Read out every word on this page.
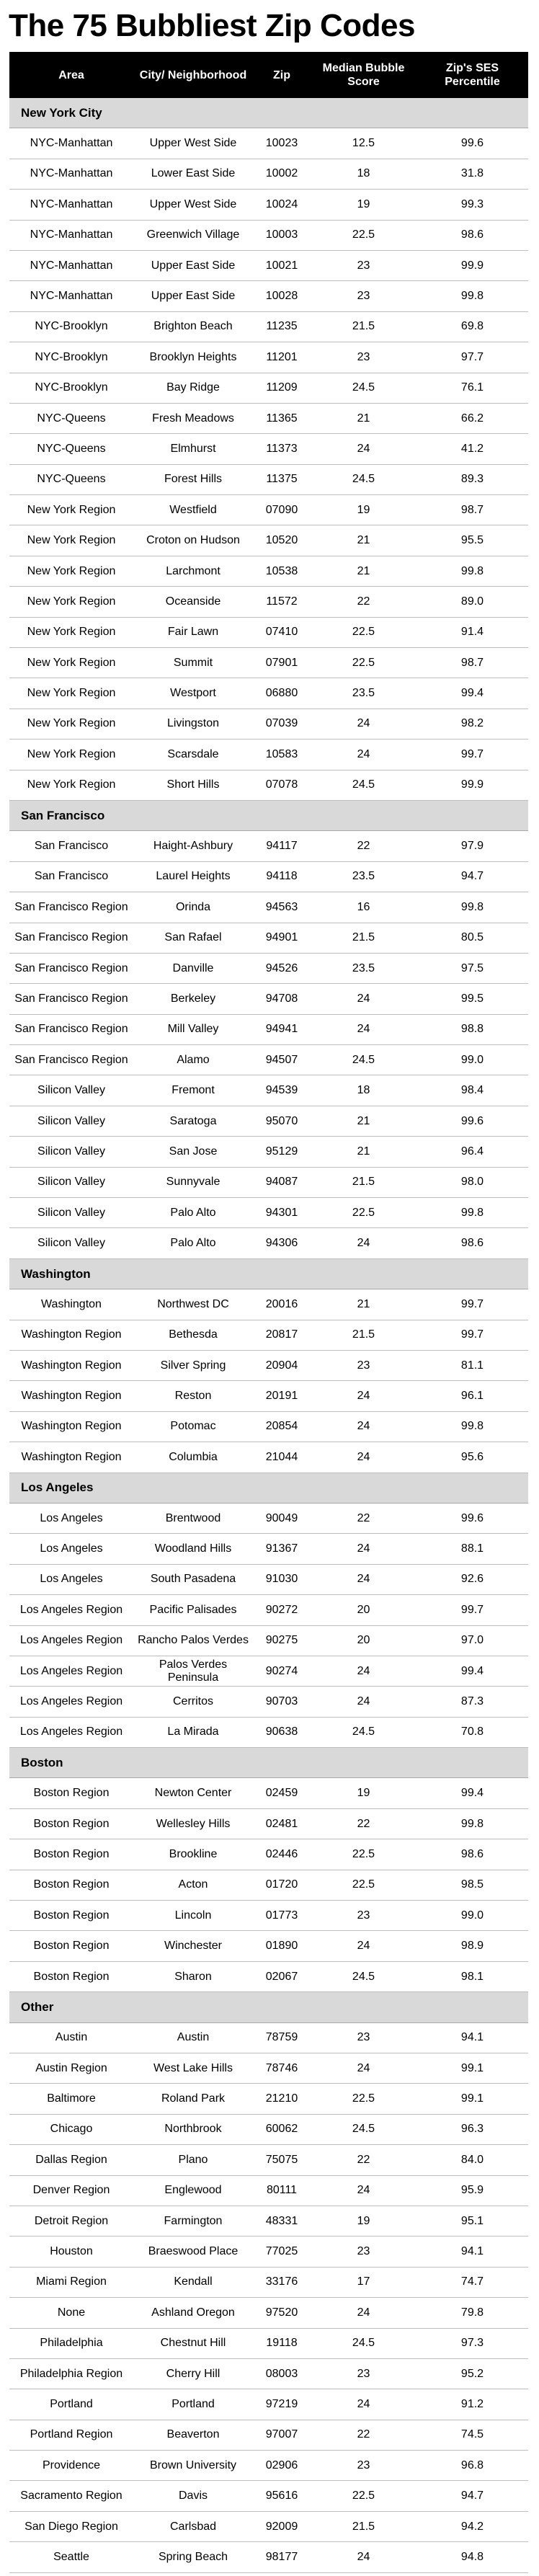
The 75 Bubbliest Zip Codes
Area	City/ Neighborhood	Zip	Median Bubble Score	Zip's SES Percentile
New York City				
NYC-Manhattan	Upper West Side	10023	12.5	99.6
NYC-Manhattan	Lower East Side	10002	18	31.8
NYC-Manhattan	Upper West Side	10024	19	99.3
NYC-Manhattan	Greenwich Village	10003	22.5	98.6
NYC-Manhattan	Upper East Side	10021	23	99.9
NYC-Manhattan	Upper East Side	10028	23	99.8
NYC-Brooklyn	Brighton Beach	11235	21.5	69.8
NYC-Brooklyn	Brooklyn Heights	11201	23	97.7
NYC-Brooklyn	Bay Ridge	11209	24.5	76.1
NYC-Queens	Fresh Meadows	11365	21	66.2
NYC-Queens	Elmhurst	11373	24	41.2
NYC-Queens	Forest Hills	11375	24.5	89.3
New York Region	Westfield	07090	19	98.7
New York Region	Croton on Hudson	10520	21	95.5
New York Region	Larchmont	10538	21	99.8
New York Region	Oceanside	11572	22	89.0
New York Region	Fair Lawn	07410	22.5	91.4
New York Region	Summit	07901	22.5	98.7
New York Region	Westport	06880	23.5	99.4
New York Region	Livingston	07039	24	98.2
New York Region	Scarsdale	10583	24	99.7
New York Region	Short Hills	07078	24.5	99.9
San Francisco				
San Francisco	Haight-Ashbury	94117	22	97.9
San Francisco	Laurel Heights	94118	23.5	94.7
San Francisco Region	Orinda	94563	16	99.8
San Francisco Region	San Rafael	94901	21.5	80.5
San Francisco Region	Danville	94526	23.5	97.5
San Francisco Region	Berkeley	94708	24	99.5
San Francisco Region	Mill Valley	94941	24	98.8
San Francisco Region	Alamo	94507	24.5	99.0
Silicon Valley	Fremont	94539	18	98.4
Silicon Valley	Saratoga	95070	21	99.6
Silicon Valley	San Jose	95129	21	96.4
Silicon Valley	Sunnyvale	94087	21.5	98.0
Silicon Valley	Palo Alto	94301	22.5	99.8
Silicon Valley	Palo Alto	94306	24	98.6
Washington				
Washington	Northwest DC	20016	21	99.7
Washington Region	Bethesda	20817	21.5	99.7
Washington Region	Silver Spring	20904	23	81.1
Washington Region	Reston	20191	24	96.1
Washington Region	Potomac	20854	24	99.8
Washington Region	Columbia	21044	24	95.6
Los Angeles				
Los Angeles	Brentwood	90049	22	99.6
Los Angeles	Woodland Hills	91367	24	88.1
Los Angeles	South Pasadena	91030	24	92.6
Los Angeles Region	Pacific Palisades	90272	20	99.7
Los Angeles Region	Rancho Palos Verdes	90275	20	97.0
Los Angeles Region	Palos Verdes Peninsula	90274	24	99.4
Los Angeles Region	Cerritos	90703	24	87.3
Los Angeles Region	La Mirada	90638	24.5	70.8
Boston				
Boston Region	Newton Center	02459	19	99.4
Boston Region	Wellesley Hills	02481	22	99.8
Boston Region	Brookline	02446	22.5	98.6
Boston Region	Acton	01720	22.5	98.5
Boston Region	Lincoln	01773	23	99.0
Boston Region	Winchester	01890	24	98.9
Boston Region	Sharon	02067	24.5	98.1
Other				
Austin	Austin	78759	23	94.1
Austin Region	West Lake Hills	78746	24	99.1
Baltimore	Roland Park	21210	22.5	99.1
Chicago	Northbrook	60062	24.5	96.3
Dallas Region	Plano	75075	22	84.0
Denver Region	Englewood	80111	24	95.9
Detroit Region	Farmington	48331	19	95.1
Houston	Braeswood Place	77025	23	94.1
Miami Region	Kendall	33176	17	74.7
None	Ashland Oregon	97520	24	79.8
Philadelphia	Chestnut Hill	19118	24.5	97.3
Philadelphia Region	Cherry Hill	08003	23	95.2
Portland	Portland	97219	24	91.2
Portland Region	Beaverton	97007	22	74.5
Providence	Brown University	02906	23	96.8
Sacramento Region	Davis	95616	22.5	94.7
San Diego Region	Carlsbad	92009	21.5	94.2
Seattle	Spring Beach	98177	24	94.8
